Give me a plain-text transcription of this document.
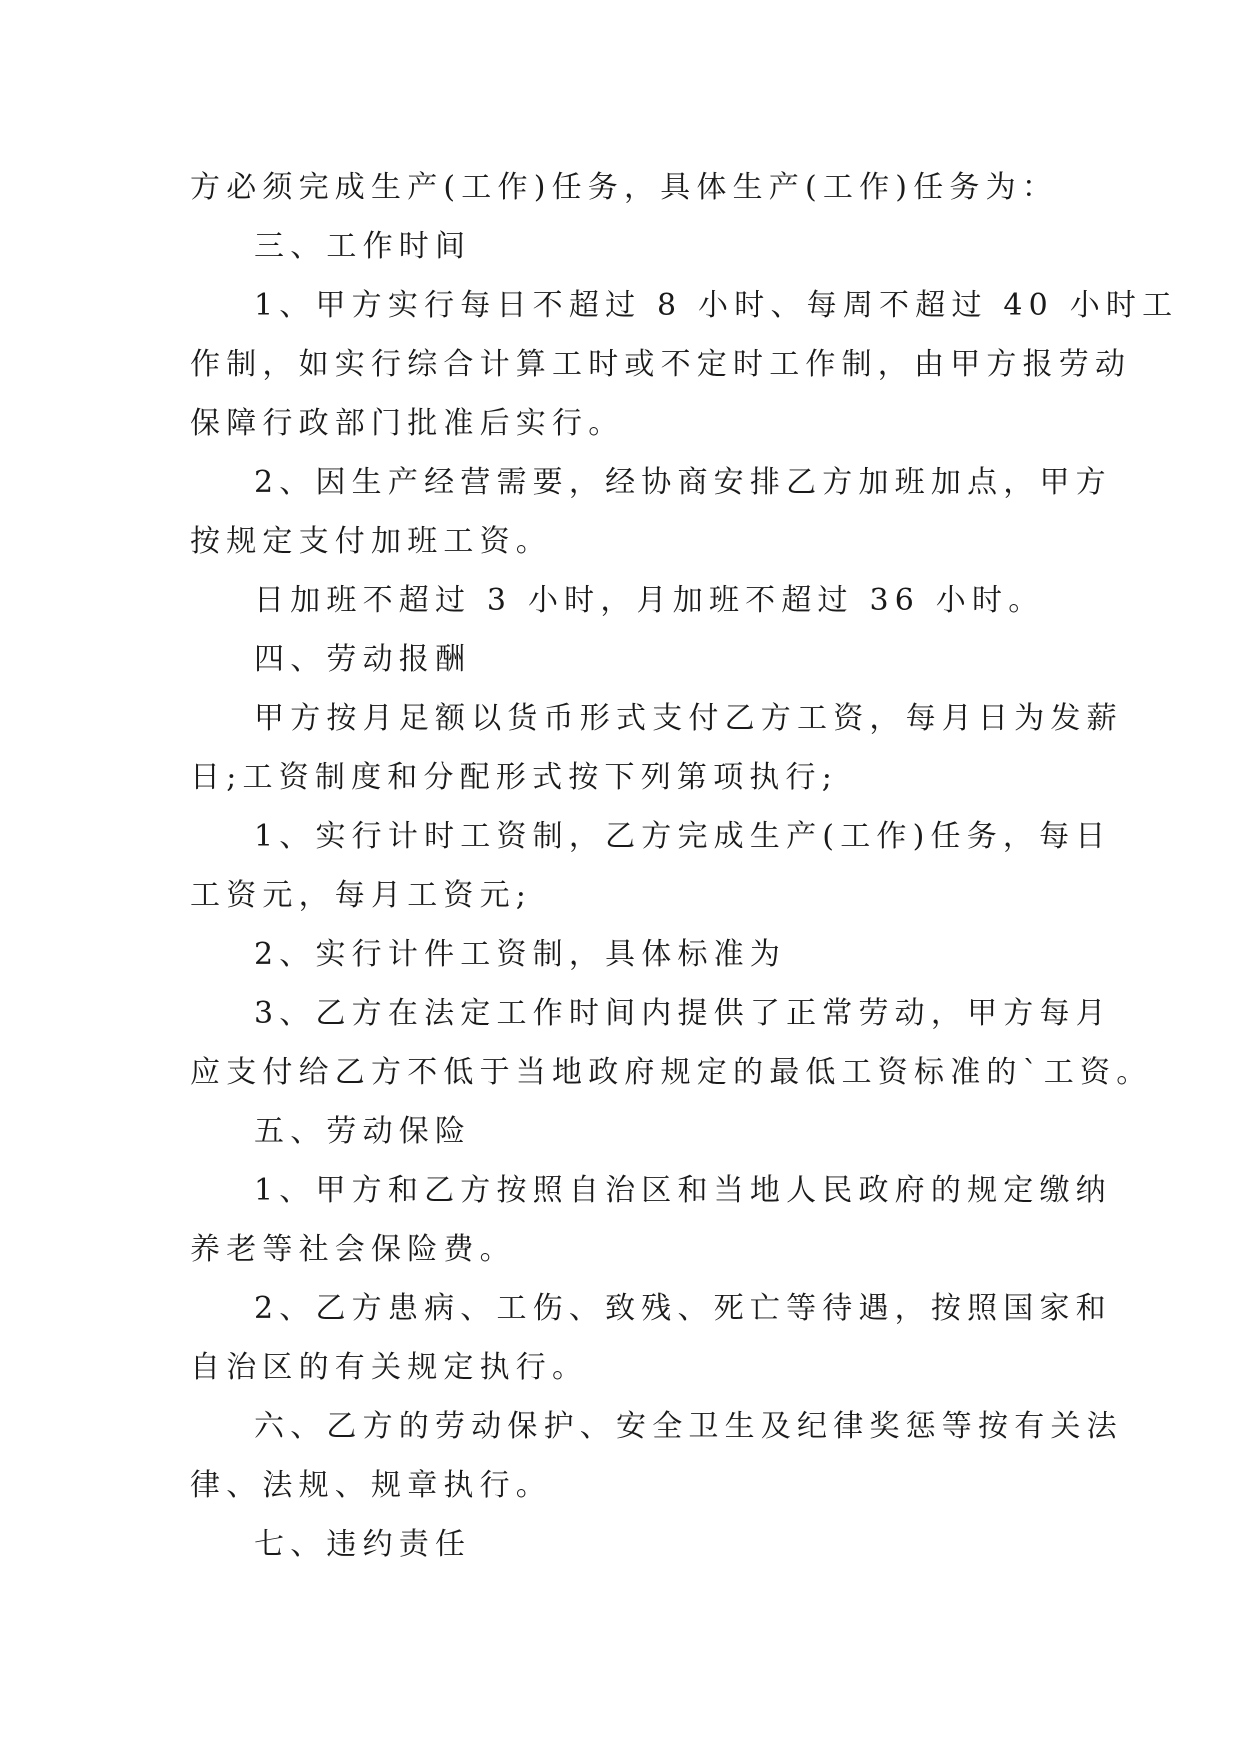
方必须完成生产(工作)任务，具体生产(工作)任务为：
三、工作时间
1、甲方实行每日不超过 8 小时、每周不超过 40 小时工
作制，如实行综合计算工时或不定时工作制，由甲方报劳动
保障行政部门批准后实行。
2、因生产经营需要，经协商安排乙方加班加点，甲方
按规定支付加班工资。
日加班不超过 3 小时，月加班不超过 36 小时。
四、劳动报酬
甲方按月足额以货币形式支付乙方工资，每月日为发薪
日;工资制度和分配形式按下列第项执行;
1、实行计时工资制，乙方完成生产(工作)任务，每日
工资元，每月工资元;
2、实行计件工资制，具体标准为
3、乙方在法定工作时间内提供了正常劳动，甲方每月
应支付给乙方不低于当地政府规定的最低工资标准的`工资。
五、劳动保险
1、甲方和乙方按照自治区和当地人民政府的规定缴纳
养老等社会保险费。
2、乙方患病、工伤、致残、死亡等待遇，按照国家和
自治区的有关规定执行。
六、乙方的劳动保护、安全卫生及纪律奖惩等按有关法
律、法规、规章执行。
七、违约责任
